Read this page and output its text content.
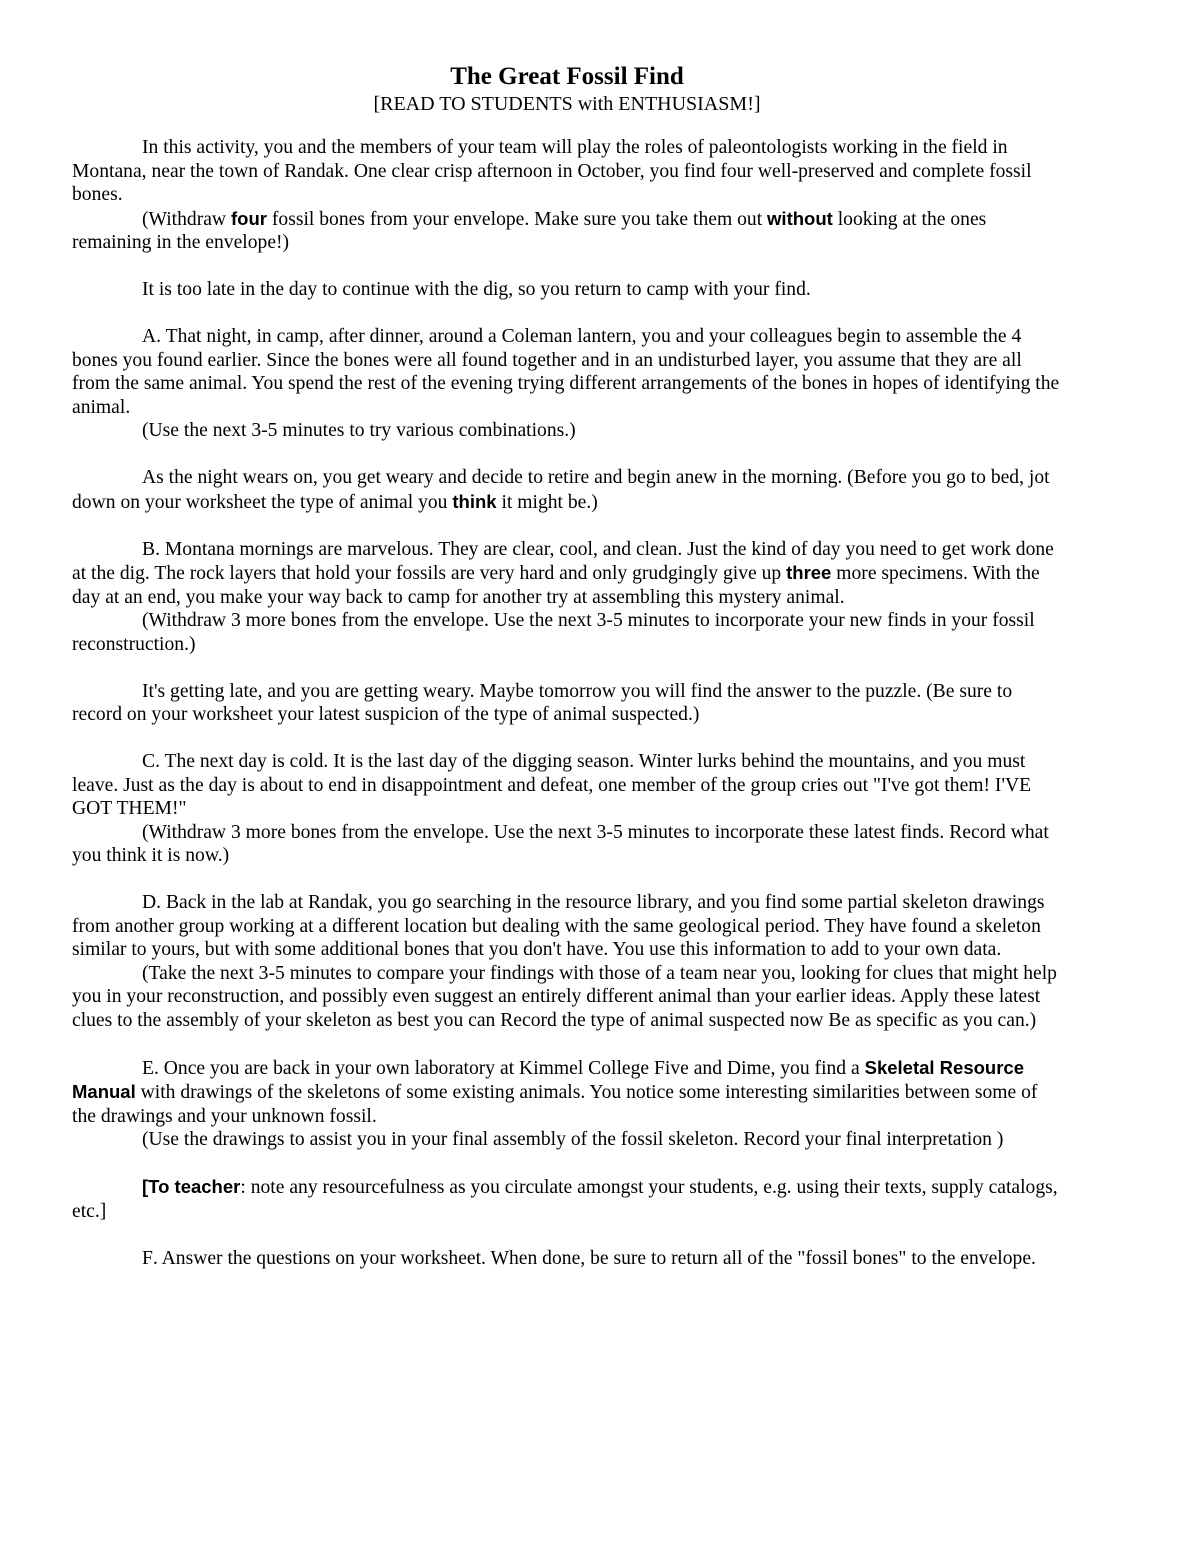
The Great Fossil Find
[READ TO STUDENTS with ENTHUSIASM!]

In this activity, you and the members of your team will play the roles of paleontologists working in the field in Montana, near the town of Randak. One clear crisp afternoon in October, you find four well-preserved and complete fossil bones.

(Withdraw four fossil bones from your envelope. Make sure you take them out without looking at the ones remaining in the envelope!)

It is too late in the day to continue with the dig, so you return to camp with your find.

A. That night, in camp, after dinner, around a Coleman lantern, you and your colleagues begin to assemble the 4 bones you found earlier. Since the bones were all found together and in an undisturbed layer, you assume that they are all from the same animal. You spend the rest of the evening trying different arrangements of the bones in hopes of identifying the animal.

(Use the next 3-5 minutes to try various combinations.)

As the night wears on, you get weary and decide to retire and begin anew in the morning. (Before you go to bed, jot down on your worksheet the type of animal you think it might be.)

B. Montana mornings are marvelous. They are clear, cool, and clean. Just the kind of day you need to get work done at the dig. The rock layers that hold your fossils are very hard and only grudgingly give up three more specimens. With the day at an end, you make your way back to camp for another try at assembling this mystery animal.

(Withdraw 3 more bones from the envelope. Use the next 3-5 minutes to incorporate your new finds in your fossil reconstruction.)

It's getting late, and you are getting weary. Maybe tomorrow you will find the answer to the puzzle. (Be sure to record on your worksheet your latest suspicion of the type of animal suspected.)

C. The next day is cold. It is the last day of the digging season. Winter lurks behind the mountains, and you must leave. Just as the day is about to end in disappointment and defeat, one member of the group cries out "I've got them! I'VE GOT THEM!"

(Withdraw 3 more bones from the envelope. Use the next 3-5 minutes to incorporate these latest finds. Record what you think it is now.)

D. Back in the lab at Randak, you go searching in the resource library, and you find some partial skeleton drawings from another group working at a different location but dealing with the same geological period. They have found a skeleton similar to yours, but with some additional bones that you don't have. You use this information to add to your own data.

(Take the next 3-5 minutes to compare your findings with those of a team near you, looking for clues that might help you in your reconstruction, and possibly even suggest an entirely different animal than your earlier ideas. Apply these latest clues to the assembly of your skeleton as best you can Record the type of animal suspected now Be as specific as you can.)

E. Once you are back in your own laboratory at Kimmel College Five and Dime, you find a Skeletal Resource Manual with drawings of the skeletons of some existing animals. You notice some interesting similarities between some of the drawings and your unknown fossil.

(Use the drawings to assist you in your final assembly of the fossil skeleton. Record your final interpretation )

[To teacher: note any resourcefulness as you circulate amongst your students, e.g. using their texts, supply catalogs, etc.]

F. Answer the questions on your worksheet. When done, be sure to return all of the "fossil bones" to the envelope.
